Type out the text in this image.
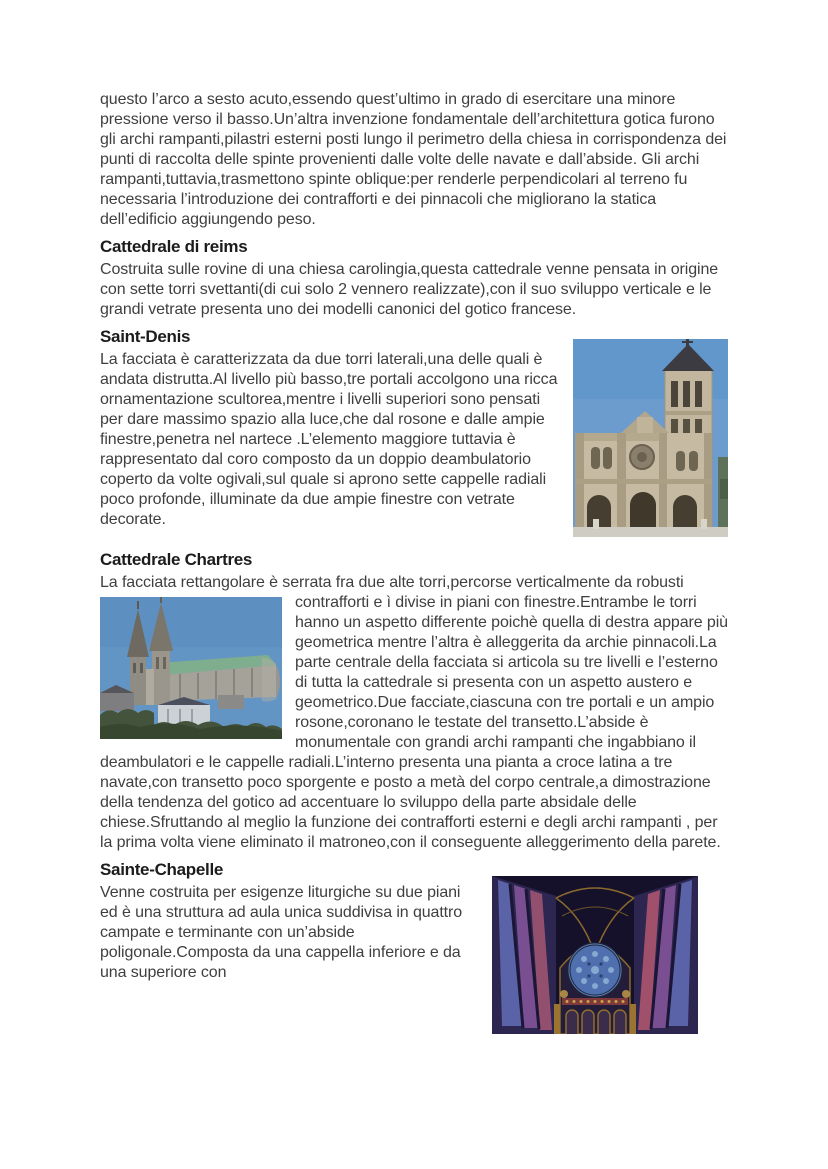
questo l’arco a sesto acuto,essendo quest’ultimo in grado di esercitare una minore pressione verso il basso.Un’altra invenzione fondamentale dell’architettura gotica furono gli archi rampanti,pilastri esterni posti lungo il perimetro della chiesa in corrispondenza dei punti di raccolta delle spinte provenienti dalle volte delle navate e dall’abside. Gli archi rampanti,tuttavia,trasmettono spinte oblique:per renderle perpendicolari al terreno fu necessaria l’introduzione dei contrafforti e dei pinnacoli che migliorano la statica dell’edificio aggiungendo peso.

Cattedrale di reims

Costruita sulle rovine di una chiesa carolingia,questa cattedrale venne pensata in origine con sette torri svettanti(di cui solo 2 vennero realizzate),con il suo sviluppo verticale e le grandi vetrate presenta uno dei modelli canonici del gotico francese.

Saint-Denis

La facciata è caratterizzata da due torri laterali,una delle quali è andata distrutta.Al livello più basso,tre portali accolgono una ricca ornamentazione scultorea,mentre i livelli superiori sono pensati per dare massimo spazio alla luce,che dal rosone e dalle ampie finestre,penetra nel nartece .L’elemento maggiore tuttavia è rappresentato dal coro composto da un doppio deambulatorio coperto da volte ogivali,sul quale si aprono sette cappelle radiali poco profonde, illuminate da due ampie finestre con vetrate decorate.

Cattedrale Chartres

La facciata rettangolare è serrata fra due alte torri,percorse verticalmente da
robusti contrafforti e ì divise in piani con finestre.Entrambe le torri hanno un aspetto differente poichè quella di destra appare più geometrica mentre l’altra è alleggerita da archie pinnacoli.La parte centrale della facciata si articola su tre livelli e l’esterno di tutta la cattedrale si presenta con un aspetto austero e geometrico.Due facciate,ciascuna con tre portali e un ampio rosone,coronano le testate del transetto.L’abside è monumentale con grandi archi rampanti che ingabbiano il deambulatori e le cappelle radiali.L’interno presenta una pianta a croce latina a tre navate,con transetto poco sporgente e posto a metà del corpo centrale,a dimostrazione della tendenza del gotico ad accentuare lo sviluppo della parte absidale delle chiese.Sfruttando al meglio la funzione dei contrafforti esterni e degli archi rampanti , per la prima volta viene eliminato il matroneo,con il conseguente alleggerimento della parete.

Sainte-Chapelle

Venne costruita per esigenze liturgiche su due piani ed è una struttura ad aula unica suddivisa in quattro campate e terminante con un’abside poligonale.Composta da una cappella inferiore e da una superiore con
